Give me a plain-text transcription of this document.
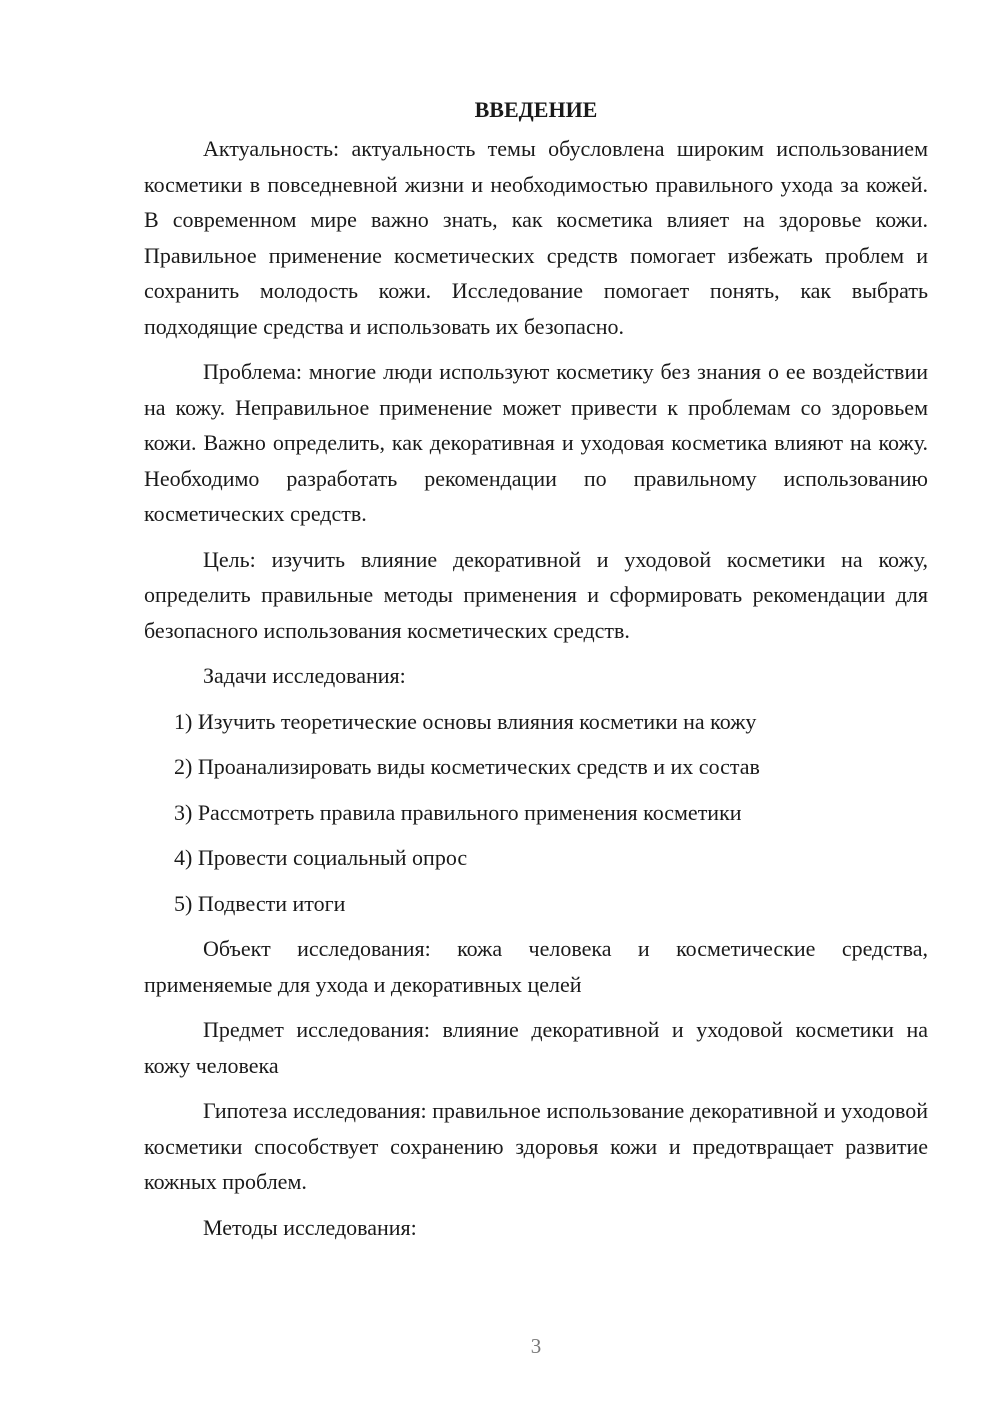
ВВЕДЕНИЕ

Актуальность: актуальность темы обусловлена широким использованием косметики в повседневной жизни и необходимостью правильного ухода за кожей. В современном мире важно знать, как косметика влияет на здоровье кожи. Правильное применение косметических средств помогает избежать проблем и сохранить молодость кожи. Исследование помогает понять, как выбрать подходящие средства и использовать их безопасно.

Проблема: многие люди используют косметику без знания о ее воздействии на кожу. Неправильное применение может привести к проблемам со здоровьем кожи. Важно определить, как декоративная и уходовая косметика влияют на кожу. Необходимо разработать рекомендации по правильному использованию косметических средств.

Цель: изучить влияние декоративной и уходовой косметики на кожу, определить правильные методы применения и сформировать рекомендации для безопасного использования косметических средств.

Задачи исследования:

1) Изучить теоретические основы влияния косметики на кожу
2) Проанализировать виды косметических средств и их состав
3) Рассмотреть правила правильного применения косметики
4) Провести социальный опрос
5) Подвести итоги

Объект исследования: кожа человека и косметические средства, применяемые для ухода и декоративных целей

Предмет исследования: влияние декоративной и уходовой косметики на кожу человека

Гипотеза исследования: правильное использование декоративной и уходовой косметики способствует сохранению здоровья кожи и предотвращает развитие кожных проблем.

Методы исследования:

3
